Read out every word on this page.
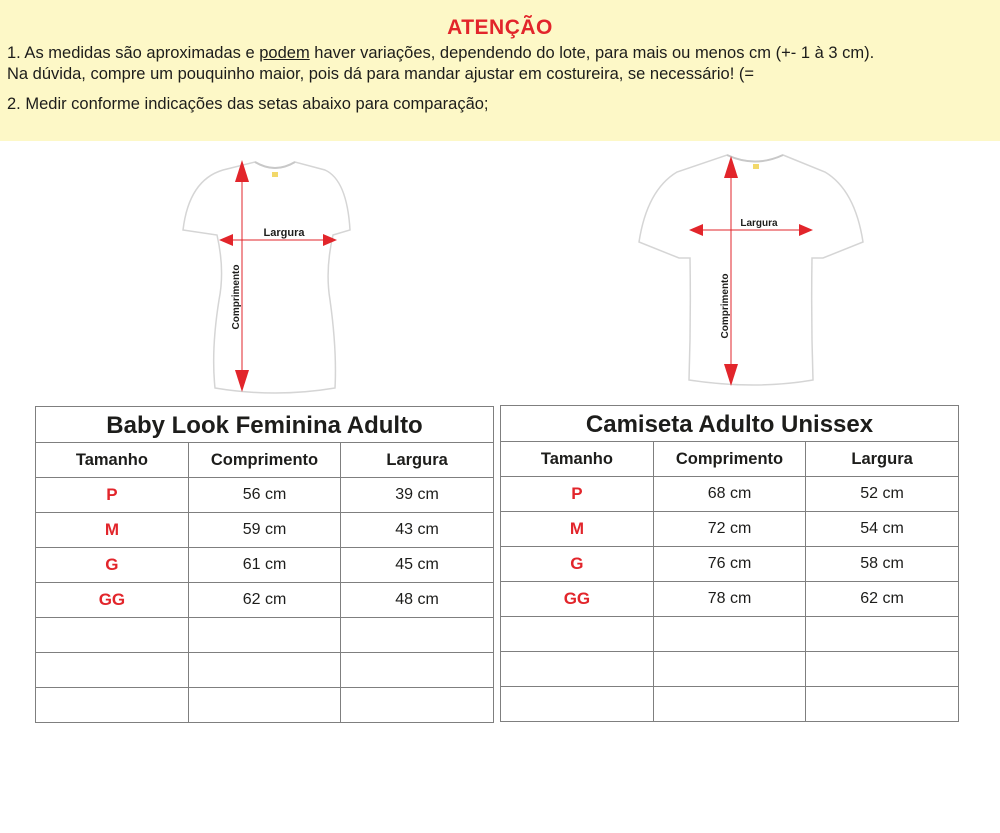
ATENÇÃO
1. As medidas são aproximadas e podem haver variações, dependendo do lote, para mais ou menos cm (+- 1 à 3 cm).
Na dúvida, compre um pouquinho maior, pois dá para mandar ajustar em costureira, se necessário! (=
2. Medir conforme indicações das setas abaixo para comparação;
Largura
Comprimento
Largura
Comprimento
Baby Look Feminina Adulto
Tamanho	Comprimento	Largura
P	56 cm	39 cm
M	59 cm	43 cm
G	61 cm	45 cm
GG	62 cm	48 cm

Camiseta Adulto Unissex
Tamanho	Comprimento	Largura
P	68 cm	52 cm
M	72 cm	54 cm
G	76 cm	58 cm
GG	78 cm	62 cm
